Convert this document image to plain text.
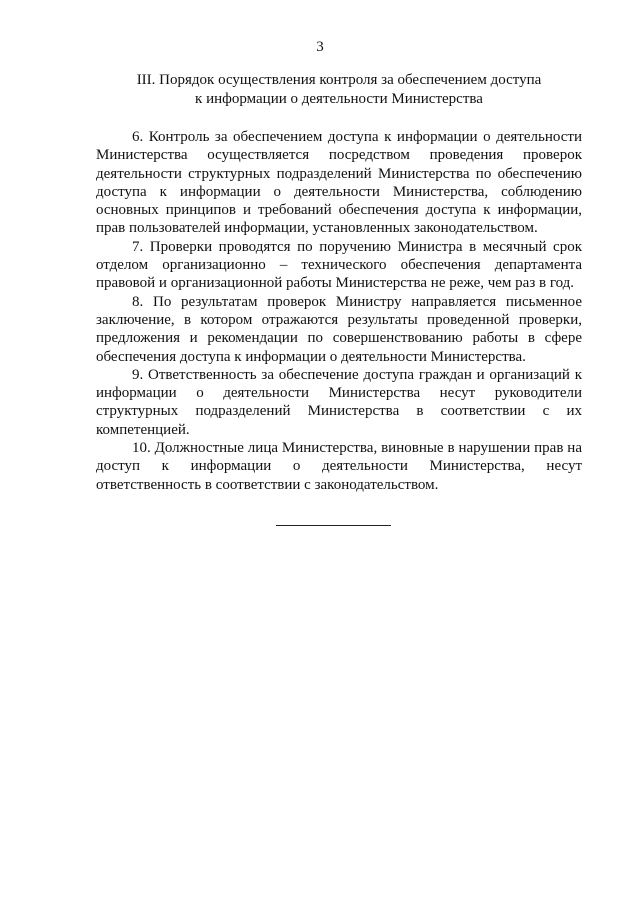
3
III. Порядок осуществления контроля за обеспечением доступа
к информации о деятельности Министерства

6. Контроль за обеспечением доступа к информации о деятельности Министерства осуществляется посредством проведения проверок деятельности структурных подразделений Министерства по обеспечению доступа к информации о деятельности Министерства, соблюдению основных принципов и требований обеспечения доступа к информации, прав пользователей информации, установленных законодательством.

7. Проверки проводятся по поручению Министра в месячный срок отделом организационно – технического обеспечения департамента правовой и организационной работы Министерства не реже, чем раз в год.

8. По результатам проверок Министру направляется письменное заключение, в котором отражаются результаты проведенной проверки, предложения и рекомендации по совершенствованию работы в сфере обеспечения доступа к информации о деятельности Министерства.

9. Ответственность за обеспечение доступа граждан и организаций к информации о деятельности Министерства несут руководители структурных подразделений Министерства в соответствии с их компетенцией.

10. Должностные лица Министерства, виновные в нарушении прав на доступ к информации о деятельности Министерства, несут ответственность в соответствии с законодательством.
